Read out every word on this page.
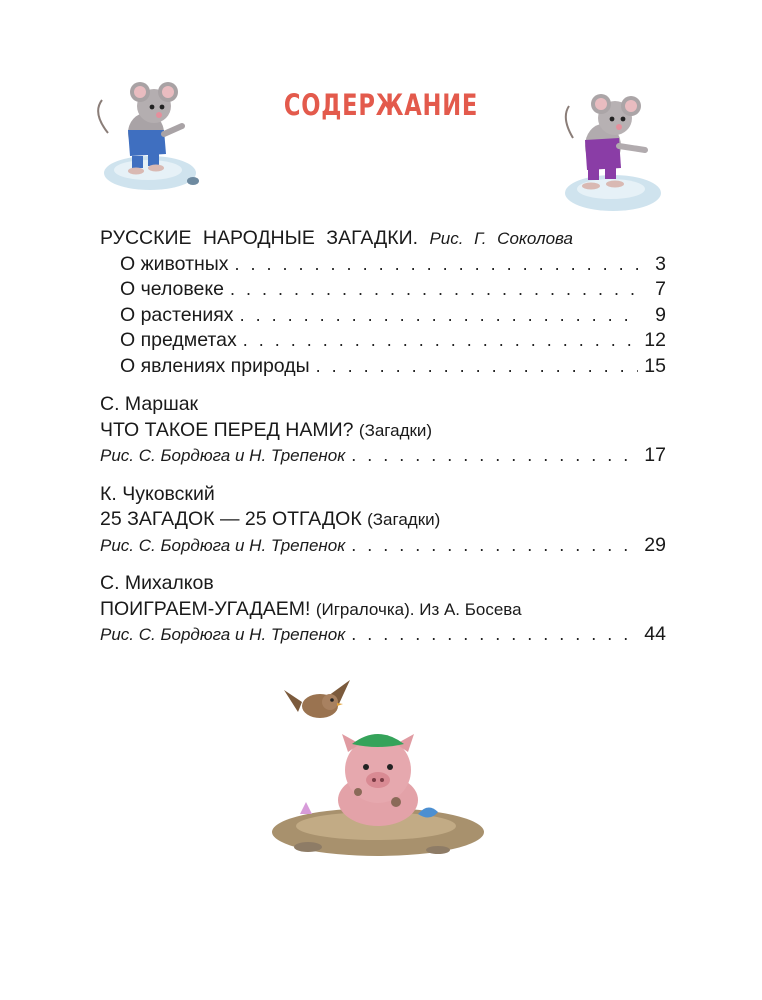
СОДЕРЖАНИЕ
РУССКИЕ НАРОДНЫЕ ЗАГАДКИ. Рис. Г. Соколова
О животных . . .	3
О человеке . . .	7
О растениях . . .	9
О предметах . . .	12
О явлениях природы . . .	15
С. Маршак
ЧТО ТАКОЕ ПЕРЕД НАМИ? (Загадки)
Рис. С. Бордюга и Н. Трепенок . . .	17
К. Чуковский
25 ЗАГАДОК — 25 ОТГАДОК (Загадки)
Рис. С. Бордюга и Н. Трепенок . . .	29
С. Михалков
ПОИГРАЕМ-УГАДАЕМ! (Игралочка). Из А. Босева
Рис. С. Бордюга и Н. Трепенок . . .	44
